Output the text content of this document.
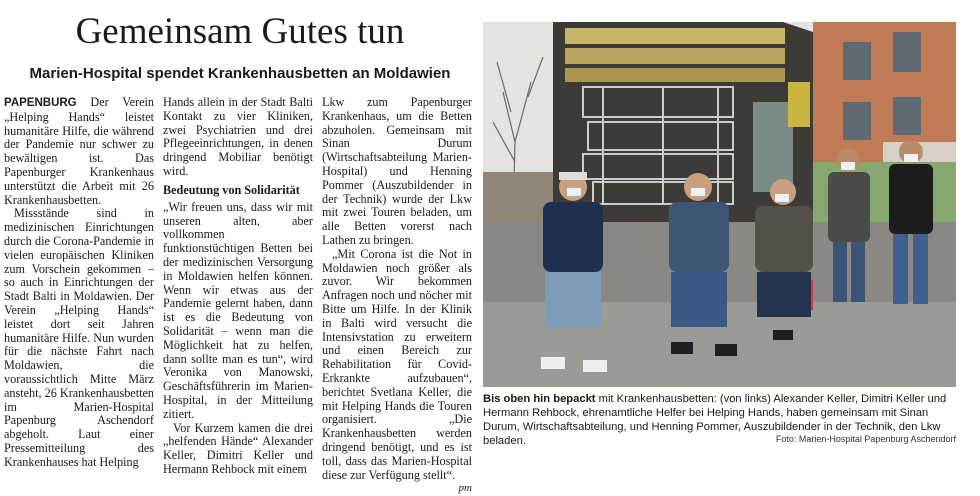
Gemeinsam Gutes tun
Marien-Hospital spendet Krankenhausbetten an Moldawien

PAPENBURG Der Verein „Helping Hands“ leistet humanitäre Hilfe, die während der Pandemie nur schwer zu bewältigen ist. Das Papenburger Krankenhaus unterstützt die Arbeit mit 26 Krankenhausbetten.

Missstände sind in medizinischen Einrichtungen durch die Corona-Pandemie in vielen europäischen Kliniken zum Vorschein gekommen – so auch in Einrichtungen der Stadt Balti in Moldawien. Der Verein „Helping Hands“ leistet dort seit Jahren humanitäre Hilfe. Nun wurden für die nächste Fahrt nach Moldawien, die voraussichtlich Mitte März ansteht, 26 Krankenhausbetten im Marien-Hospital Papenburg Aschendorf abgeholt. Laut einer Pressemitteilung des Krankenhauses hat Helping

Hands allein in der Stadt Balti Kontakt zu vier Kliniken, zwei Psychiatrien und drei Pflegeeinrichtungen, in denen dringend Mobiliar benötigt wird.

Bedeutung von Solidarität

„Wir freuen uns, dass wir mit unseren alten, aber vollkommen funktionstüchtigen Betten bei der medizinischen Versorgung in Moldawien helfen können. Wenn wir etwas aus der Pandemie gelernt haben, dann ist es die Bedeutung von Solidarität – wenn man die Möglichkeit hat zu helfen, dann sollte man es tun“, wird Veronika von Manowski, Geschäftsführerin im Marien-Hospital, in der Mitteilung zitiert.

Vor Kurzem kamen die drei „helfenden Hände“ Alexander Keller, Dimitri Keller und Hermann Rehbock mit einem

Lkw zum Papenburger Krankenhaus, um die Betten abzuholen. Gemeinsam mit Sinan Durum (Wirtschaftsabteilung Marien-Hospital) und Henning Pommer (Auszubildender in der Technik) wurde der Lkw mit zwei Touren beladen, um alle Betten vorerst nach Lathen zu bringen.

„Mit Corona ist die Not in Moldawien noch größer als zuvor. Wir bekommen Anfragen noch und nöcher mit Bitte um Hilfe. In der Klinik in Balti wird versucht die Intensivstation zu erweitern und einen Bereich zur Rehabilitation für Covid-Erkrankte aufzubauen“, berichtet Svetlana Keller, die mit Helping Hands die Touren organisiert. „Die Krankenhausbetten werden dringend benötigt, und es ist toll, dass das Marien-Hospital diese zur Verfügung stellt“.

pm
Bis oben hin bepackt mit Krankenhausbetten: (von links) Alexander Keller, Dimitri Keller und Hermann Rehbock, ehrenamtliche Helfer bei Helping Hands, haben gemeinsam mit Sinan Durum, Wirtschaftsabteilung, und Henning Pommer, Auszubildender in der Technik, den Lkw beladen.	Foto: Marien-Hospital Papenburg Aschendorf
